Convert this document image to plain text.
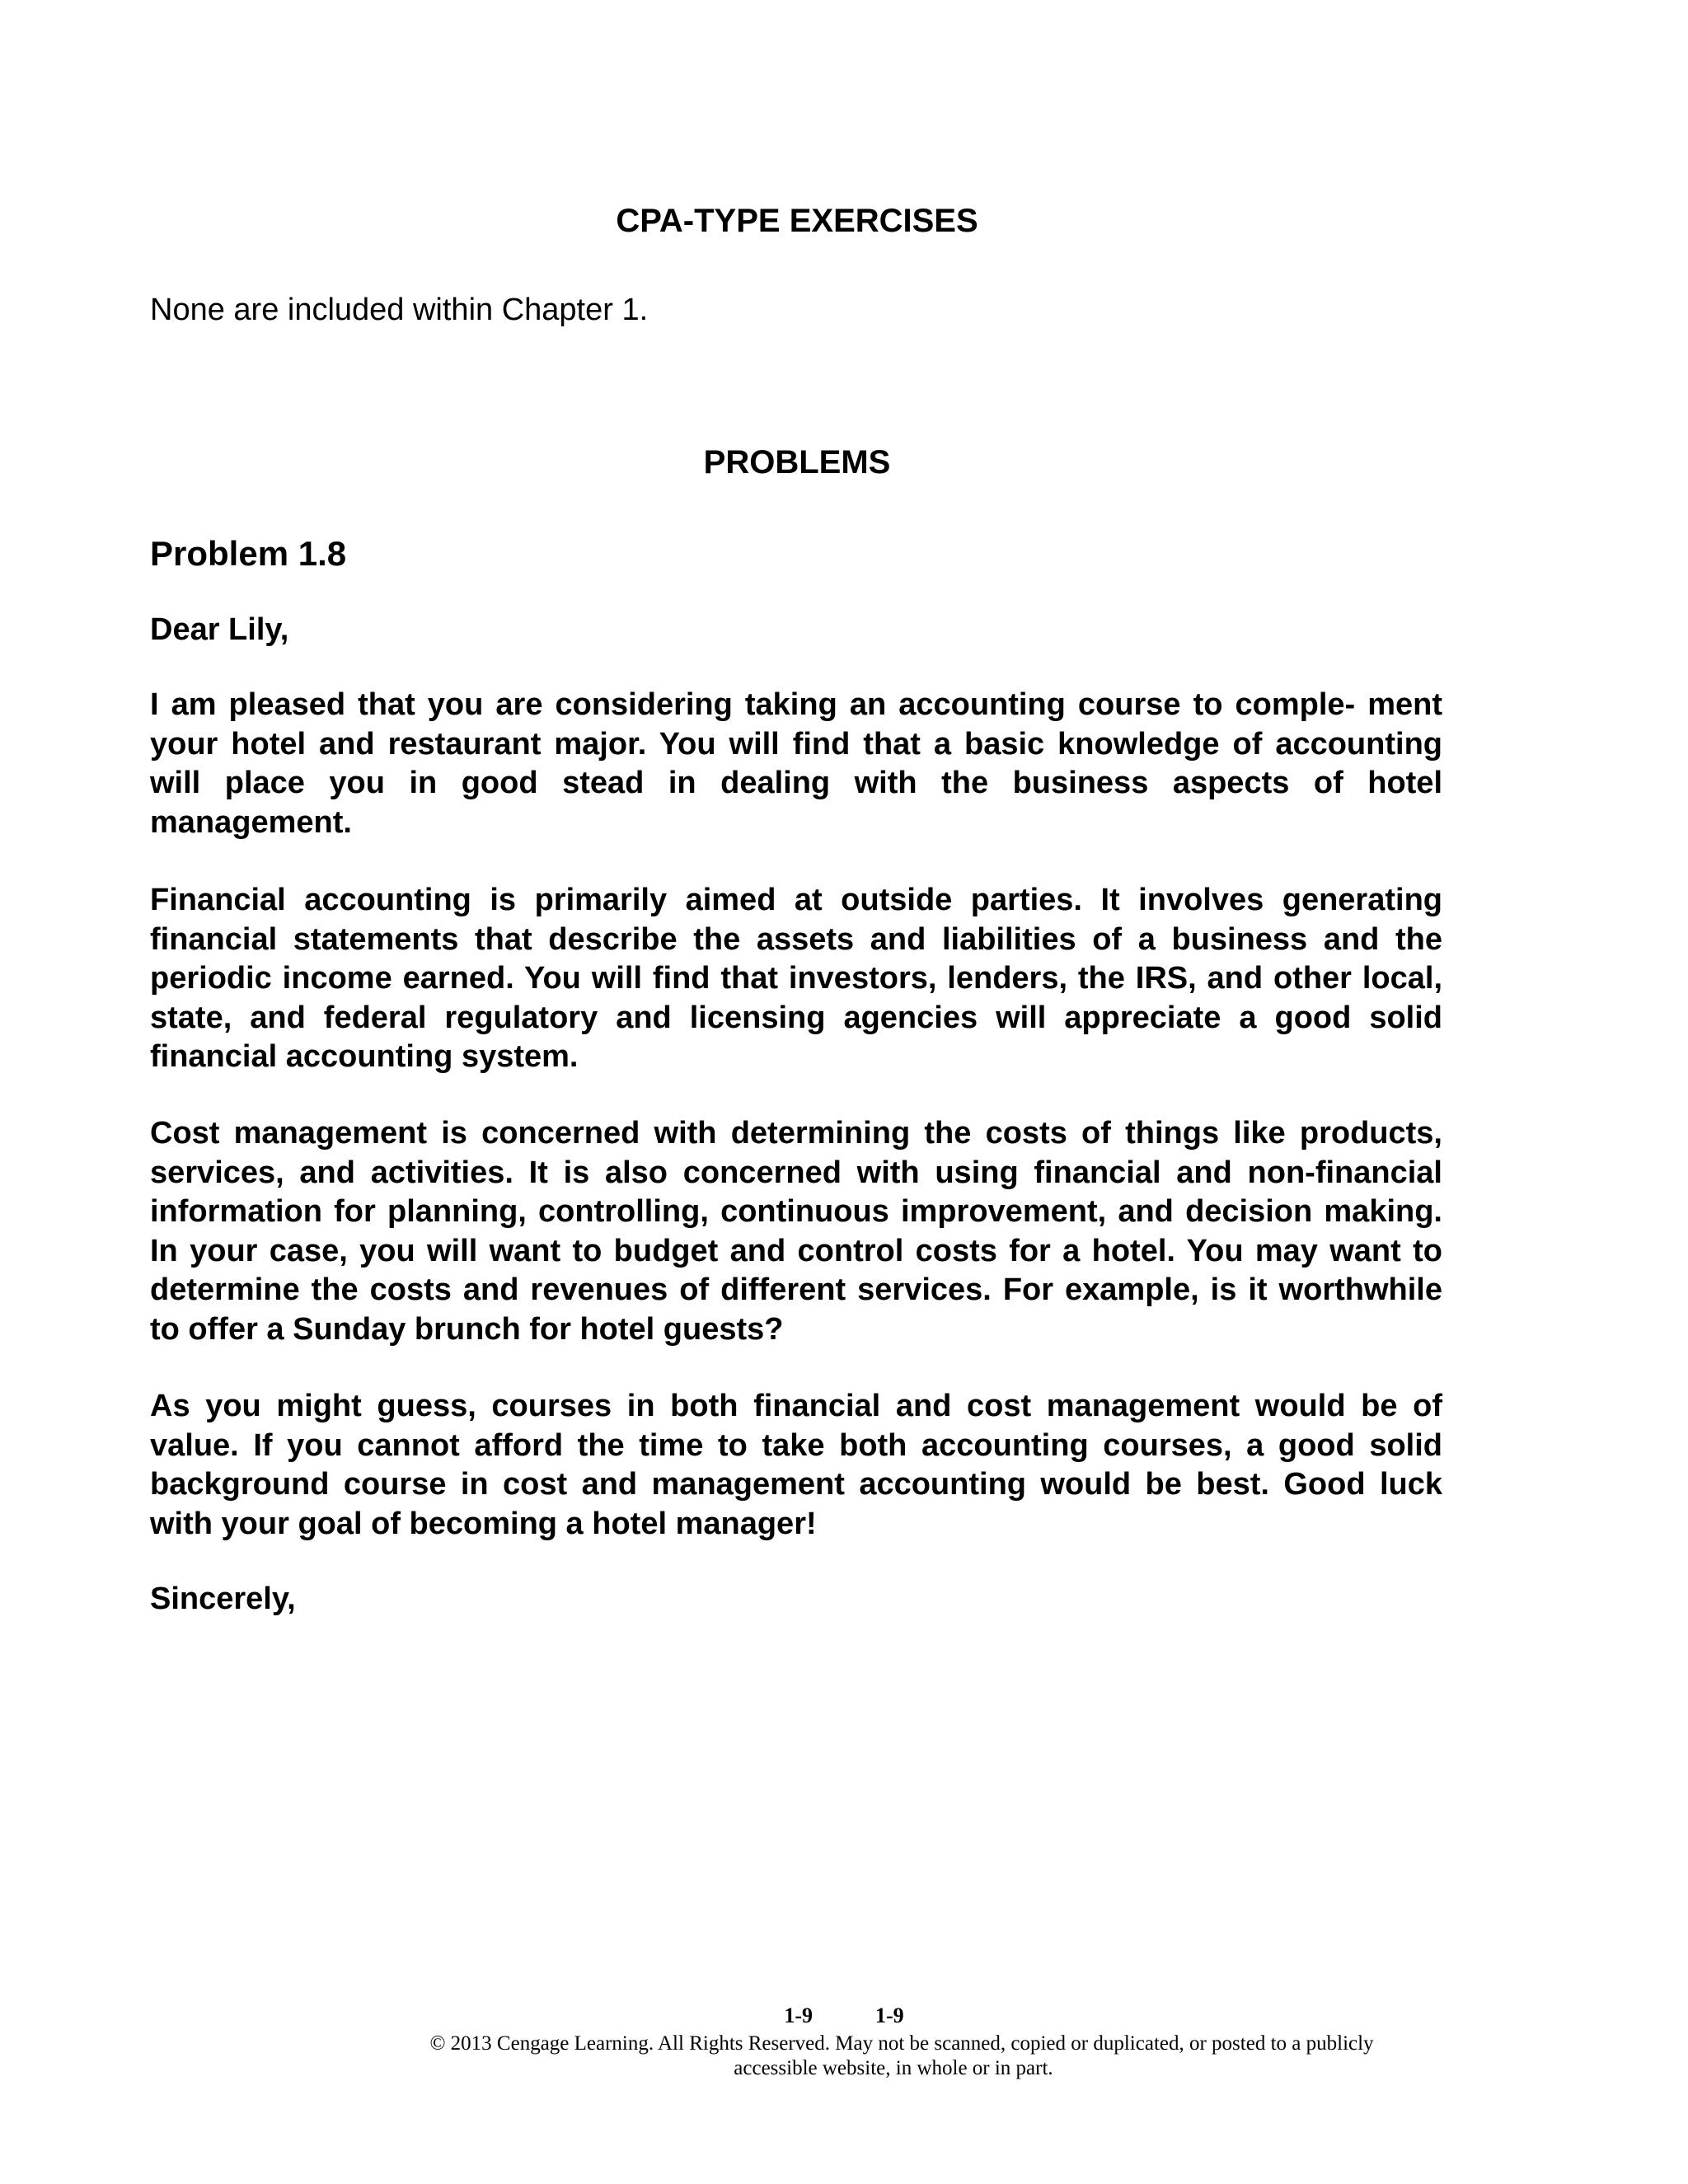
CPA-TYPE EXERCISES

None are included within Chapter 1.

PROBLEMS
Problem 1.8

Dear Lily,

I am pleased that you are considering taking an accounting course to comple- ment your hotel and restaurant major. You will find that a basic knowledge of accounting will place you in good stead in dealing with the business aspects of hotel management.

Financial accounting is primarily aimed at outside parties. It involves generating financial statements that describe the assets and liabilities of a business and the periodic income earned. You will find that investors, lenders, the IRS, and other local, state, and federal regulatory and licensing agencies will appreciate a good solid financial accounting system.

Cost management is concerned with determining the costs of things like products, services, and activities. It is also concerned with using financial and non-financial information for planning, controlling, continuous improvement, and decision making. In your case, you will want to budget and control costs for a hotel. You may want to determine the costs and revenues of different services. For example, is it worthwhile to offer a Sunday brunch for hotel guests?

As you might guess, courses in both financial and cost management would be of value. If you cannot afford the time to take both accounting courses, a good solid background course in cost and management accounting would be best. Good luck with your goal of becoming a hotel manager!

Sincerely,

1-9	1-9

© 2013 Cengage Learning. All Rights Reserved. May not be scanned, copied or duplicated, or posted to a publicly

accessible website, in whole or in part.
